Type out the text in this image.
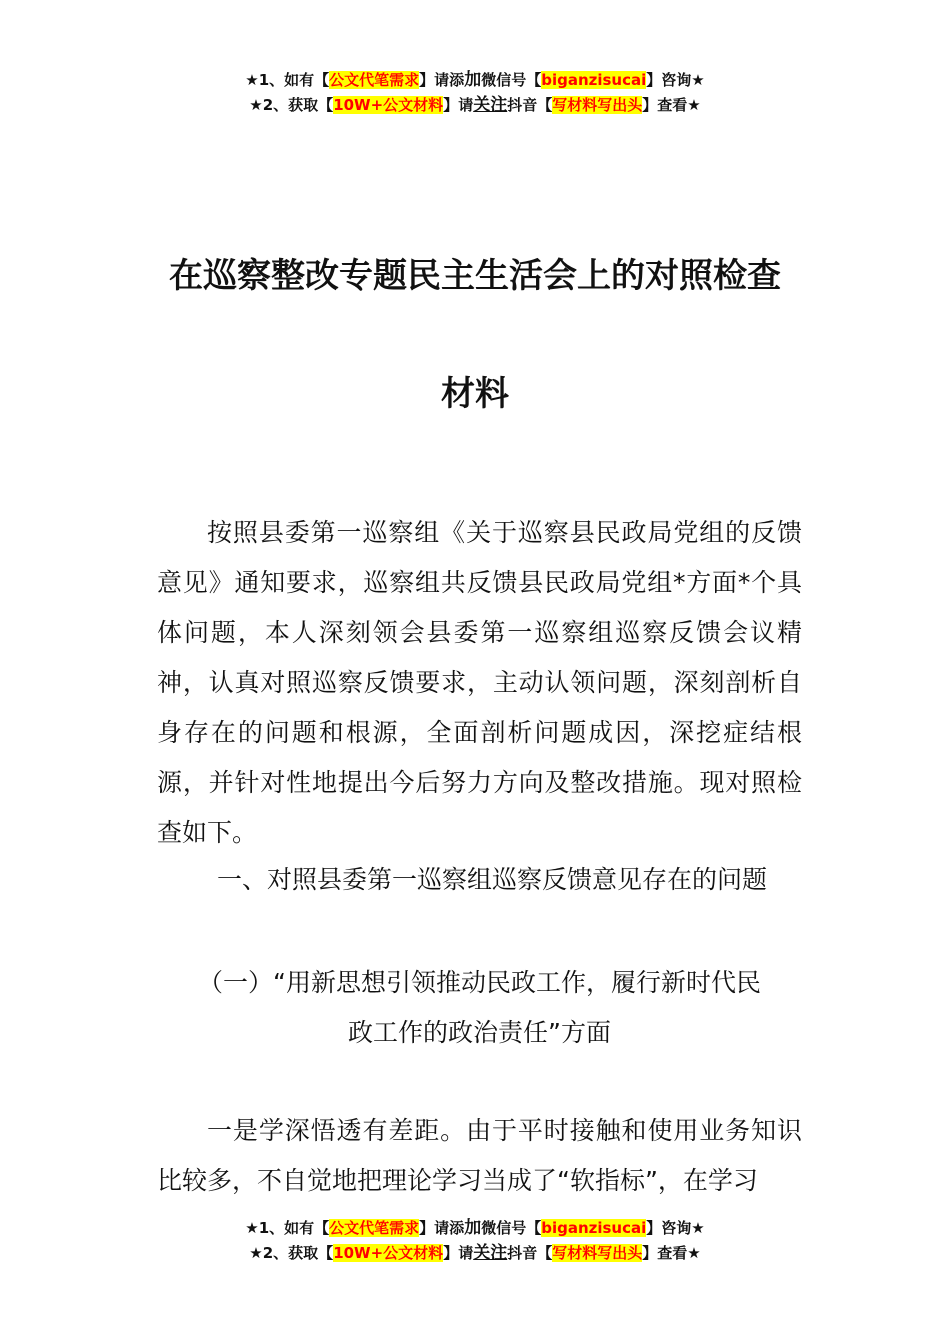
★1、如有【公文代笔需求】请添加微信号【biganzisucai】咨询★
★2、获取【10W+公文材料】请关注抖音【写材料写出头】查看★
在巡察整改专题民主生活会上的对照检查
材料

按照县委第一巡察组《关于巡察县民政局党组的反馈意见》通知要求，巡察组共反馈县民政局党组*方面*个具体问题，本人深刻领会县委第一巡察组巡察反馈会议精神，认真对照巡察反馈要求，主动认领问题，深刻剖析自身存在的问题和根源，全面剖析问题成因，深挖症结根源，并针对性地提出今后努力方向及整改措施。现对照检查如下。

一、对照县委第一巡察组巡察反馈意见存在的问题

（一）“用新思想引领推动民政工作，履行新时代民
政工作的政治责任”方面

一是学深悟透有差距。由于平时接触和使用业务知识比较多，不自觉地把理论学习当成了“软指标”，在学习

★1、如有【公文代笔需求】请添加微信号【biganzisucai】咨询★
★2、获取【10W+公文材料】请关注抖音【写材料写出头】查看★
